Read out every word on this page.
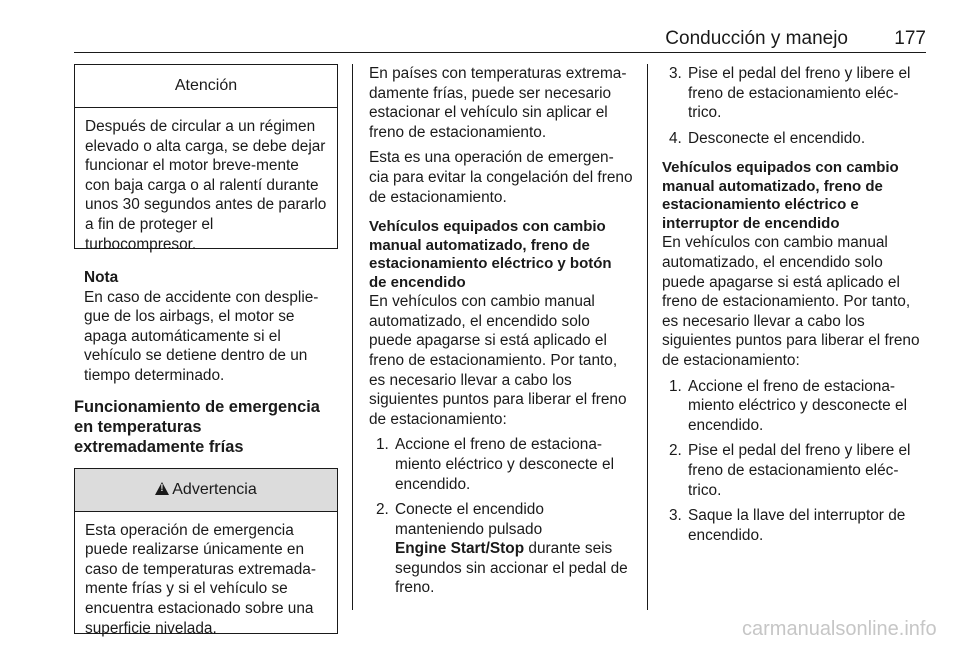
Conducción y manejo 177
Atención

Después de circular a un régimen elevado o alta carga, se debe dejar funcionar el motor breve-mente con baja carga o al ralentí durante unos 30 segundos antes de pararlo a fin de proteger el turbocompresor.

Nota

En caso de accidente con desplie-gue de los airbags, el motor se apaga automáticamente si el vehículo se detiene dentro de un tiempo determinado.

Funcionamiento de emergencia
en temperaturas
extremadamente frías
!Advertencia

Esta operación de emergencia puede realizarse únicamente en caso de temperaturas extremada-mente frías y si el vehículo se encuentra estacionado sobre una superficie nivelada.

En países con temperaturas extrema-damente frías, puede ser necesario estacionar el vehículo sin aplicar el freno de estacionamiento.

Esta es una operación de emergen-cia para evitar la congelación del freno de estacionamiento.

Vehículos equipados con cambio manual automatizado, freno de estacionamiento eléctrico y botón de encendido

En vehículos con cambio manual automatizado, el encendido solo puede apagarse si está aplicado el freno de estacionamiento. Por tanto, es necesario llevar a cabo los siguientes puntos para liberar el freno de estacionamiento:

1. Accione el freno de estaciona-miento eléctrico y desconecte el encendido.
2. Conecte el encendido manteniendo pulsado
Engine Start/Stop durante seis segundos sin accionar el pedal de freno.
3. Pise el pedal del freno y libere el freno de estacionamiento eléc-trico.
4. Desconecte el encendido.
Vehículos equipados con cambio manual automatizado, freno de estacionamiento eléctrico e interruptor de encendido

En vehículos con cambio manual automatizado, el encendido solo puede apagarse si está aplicado el freno de estacionamiento. Por tanto, es necesario llevar a cabo los siguientes puntos para liberar el freno de estacionamiento:

1. Accione el freno de estaciona-miento eléctrico y desconecte el encendido.
2. Pise el pedal del freno y libere el freno de estacionamiento eléc-trico.
3. Saque la llave del interruptor de encendido.
carmanualsonline.info
